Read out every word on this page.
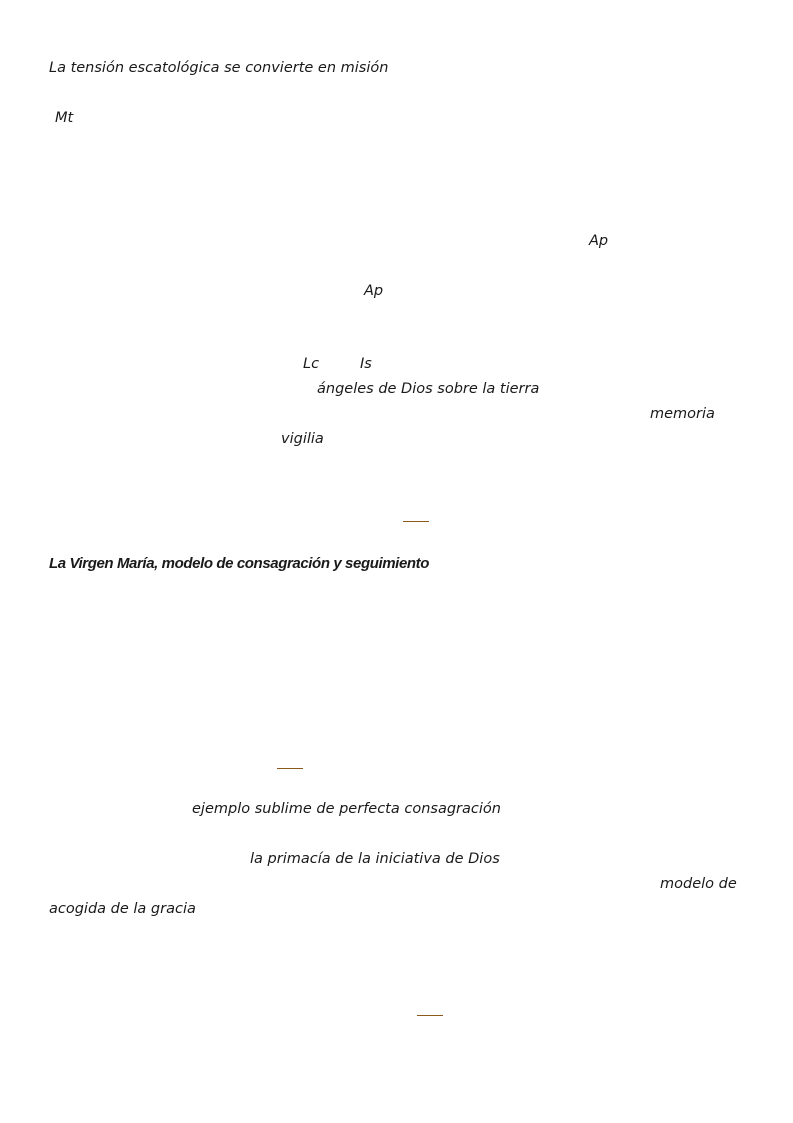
La tensión escatológica se convierte en misión
Mt
Ap
Ap
Lc	Is
ángeles de Dios sobre la tierra
memoria
vigilia
La Virgen María, modelo de consagración y seguimiento
ejemplo sublime de perfecta consagración
la primacía de la iniciativa de Dios
modelo de
acogida de la gracia
